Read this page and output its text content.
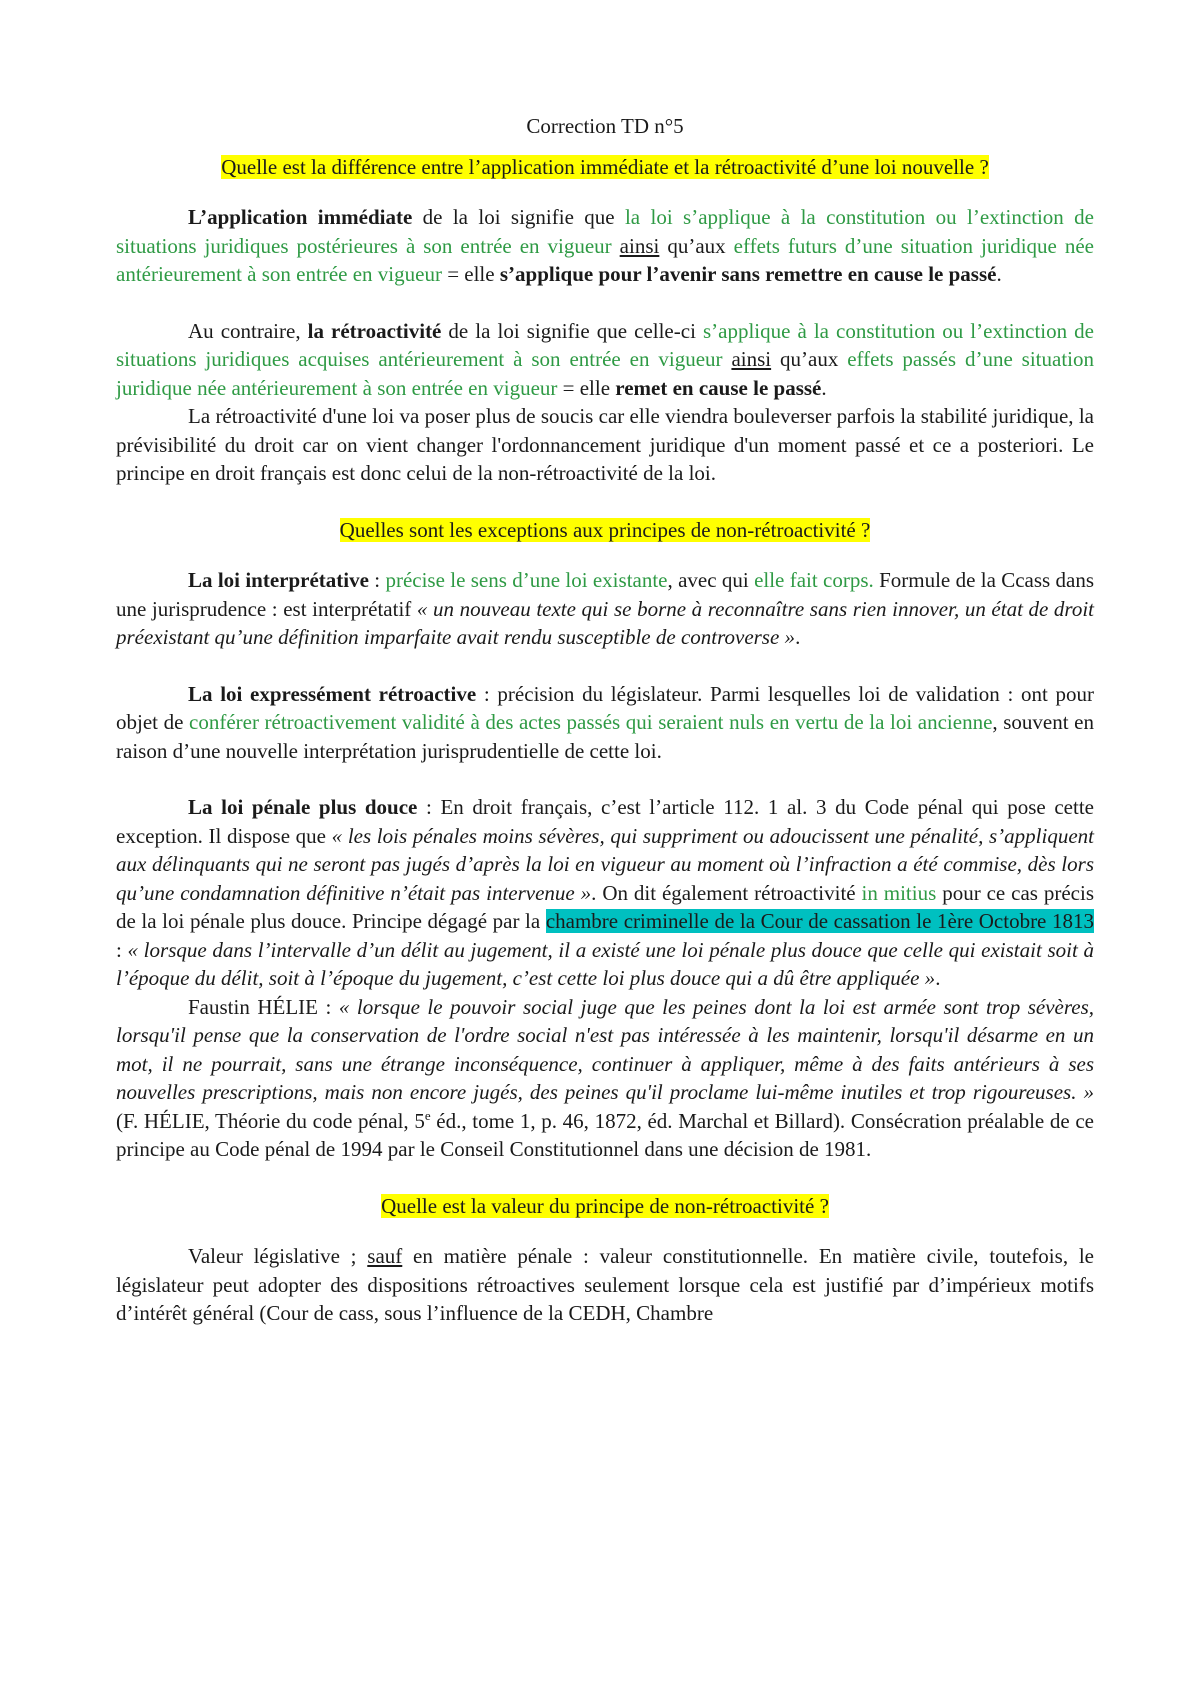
Correction TD n°5

Quelle est la différence entre l’application immédiate et la rétroactivité d’une loi nouvelle ?

L’application immédiate de la loi signifie que la loi s’applique à la constitution ou l’extinction de situations juridiques postérieures à son entrée en vigueur ainsi qu’aux effets futurs d’une situation juridique née antérieurement à son entrée en vigueur = elle s’applique pour l’avenir sans remettre en cause le passé.

Au contraire, la rétroactivité de la loi signifie que celle-ci s’applique à la constitution ou l’extinction de situations juridiques acquises antérieurement à son entrée en vigueur ainsi qu’aux effets passés d’une situation juridique née antérieurement à son entrée en vigueur = elle remet en cause le passé.

La rétroactivité d'une loi va poser plus de soucis car elle viendra bouleverser parfois la stabilité juridique, la prévisibilité du droit car on vient changer l'ordonnancement juridique d'un moment passé et ce a posteriori. Le principe en droit français est donc celui de la non-rétroactivité de la loi.

Quelles sont les exceptions aux principes de non-rétroactivité ?

La loi interprétative : précise le sens d’une loi existante, avec qui elle fait corps. Formule de la Ccass dans une jurisprudence : est interprétatif « un nouveau texte qui se borne à reconnaître sans rien innover, un état de droit préexistant qu’une définition imparfaite avait rendu susceptible de controverse ».

La loi expressément rétroactive : précision du législateur. Parmi lesquelles loi de validation : ont pour objet de conférer rétroactivement validité à des actes passés qui seraient nuls en vertu de la loi ancienne, souvent en raison d’une nouvelle interprétation jurisprudentielle de cette loi.

La loi pénale plus douce : En droit français, c’est l’article 112. 1 al. 3 du Code pénal qui pose cette exception. Il dispose que « les lois pénales moins sévères, qui suppriment ou adoucissent une pénalité, s’appliquent aux délinquants qui ne seront pas jugés d’après la loi en vigueur au moment où l’infraction a été commise, dès lors qu’une condamnation définitive n’était pas intervenue ». On dit également rétroactivité in mitius pour ce cas précis de la loi pénale plus douce. Principe dégagé par la chambre criminelle de la Cour de cassation le 1ère Octobre 1813 : « lorsque dans l’intervalle d’un délit au jugement, il a existé une loi pénale plus douce que celle qui existait soit à l’époque du délit, soit à l’époque du jugement, c’est cette loi plus douce qui a dû être appliquée ».

Faustin HÉLIE : « lorsque le pouvoir social juge que les peines dont la loi est armée sont trop sévères, lorsqu'il pense que la conservation de l'ordre social n'est pas intéressée à les maintenir, lorsqu'il désarme en un mot, il ne pourrait, sans une étrange inconséquence, continuer à appliquer, même à des faits antérieurs à ses nouvelles prescriptions, mais non encore jugés, des peines qu'il proclame lui-même inutiles et trop rigoureuses. » (F. HÉLIE, Théorie du code pénal, 5e éd., tome 1, p. 46, 1872, éd. Marchal et Billard). Consécration préalable de ce principe au Code pénal de 1994 par le Conseil Constitutionnel dans une décision de 1981.

Quelle est la valeur du principe de non-rétroactivité ?

Valeur législative ; sauf en matière pénale : valeur constitutionnelle. En matière civile, toutefois, le législateur peut adopter des dispositions rétroactives seulement lorsque cela est justifié par d’impérieux motifs d’intérêt général (Cour de cass, sous l’influence de la CEDH, Chambre
